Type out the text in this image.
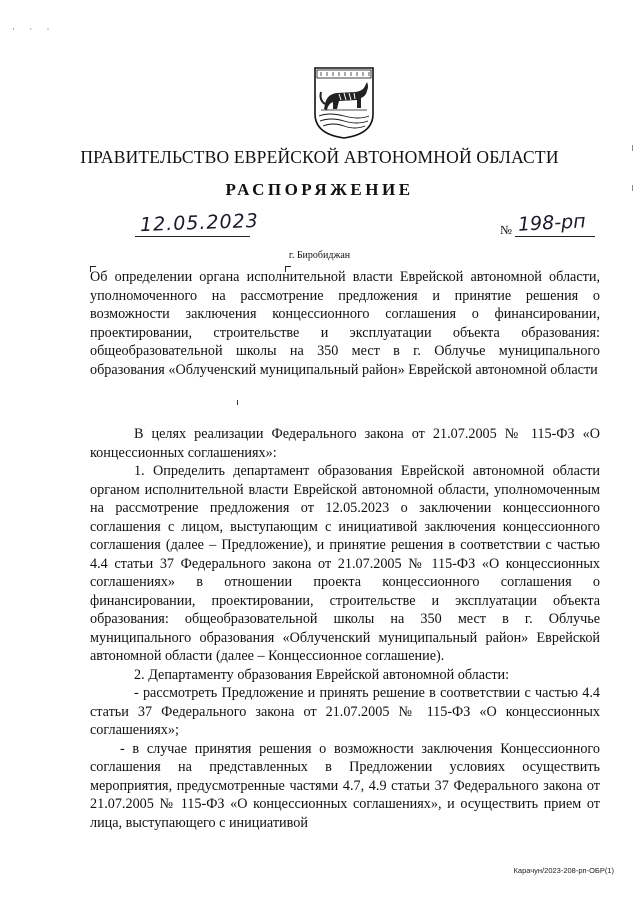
· · ·
ПРАВИТЕЛЬСТВО ЕВРЕЙСКОЙ АВТОНОМНОЙ ОБЛАСТИ
РАСПОРЯЖЕНИЕ
12.05.2023	№ 198-рп
г. Биробиджан
Об определении органа исполнительной власти Еврейской автономной области, уполномоченного на рассмотрение предложения и принятие решения о возможности заключения концессионного соглашения о финансировании, проектировании, строительстве и эксплуатации объекта образования: общеобразовательной школы на 350 мест в г. Облучье муниципального образования «Облученский муниципальный район» Еврейской автономной области

В целях реализации Федерального закона от 21.07.2005 № 115-ФЗ «О концессионных соглашениях»:

1. Определить департамент образования Еврейской автономной области органом исполнительной власти Еврейской автономной области, уполномоченным на рассмотрение предложения от 12.05.2023 о заключении концессионного соглашения с лицом, выступающим с инициативой заключения концессионного соглашения (далее – Предложение), и принятие решения в соответствии с частью 4.4 статьи 37 Федерального закона от 21.07.2005 № 115-ФЗ «О концессионных соглашениях» в отношении проекта концессионного соглашения о финансировании, проектировании, строительстве и эксплуатации объекта образования: общеобразовательной школы на 350 мест в г. Облучье муниципального образования «Облученский муниципальный район» Еврейской автономной области (далее – Концессионное соглашение).

2. Департаменту образования Еврейской автономной области:

- рассмотреть Предложение и принять решение в соответствии с частью 4.4 статьи 37 Федерального закона от 21.07.2005 № 115-ФЗ «О концессионных соглашениях»;

- в случае принятия решения о возможности заключения Концессионного соглашения на представленных в Предложении условиях осуществить мероприятия, предусмотренные частями 4.7, 4.9 статьи 37 Федерального закона от 21.07.2005 № 115-ФЗ «О концессионных соглашениях», и осуществить прием от лица, выступающего с инициативой

Карачун/2023-208-рп-ОБР(1)
